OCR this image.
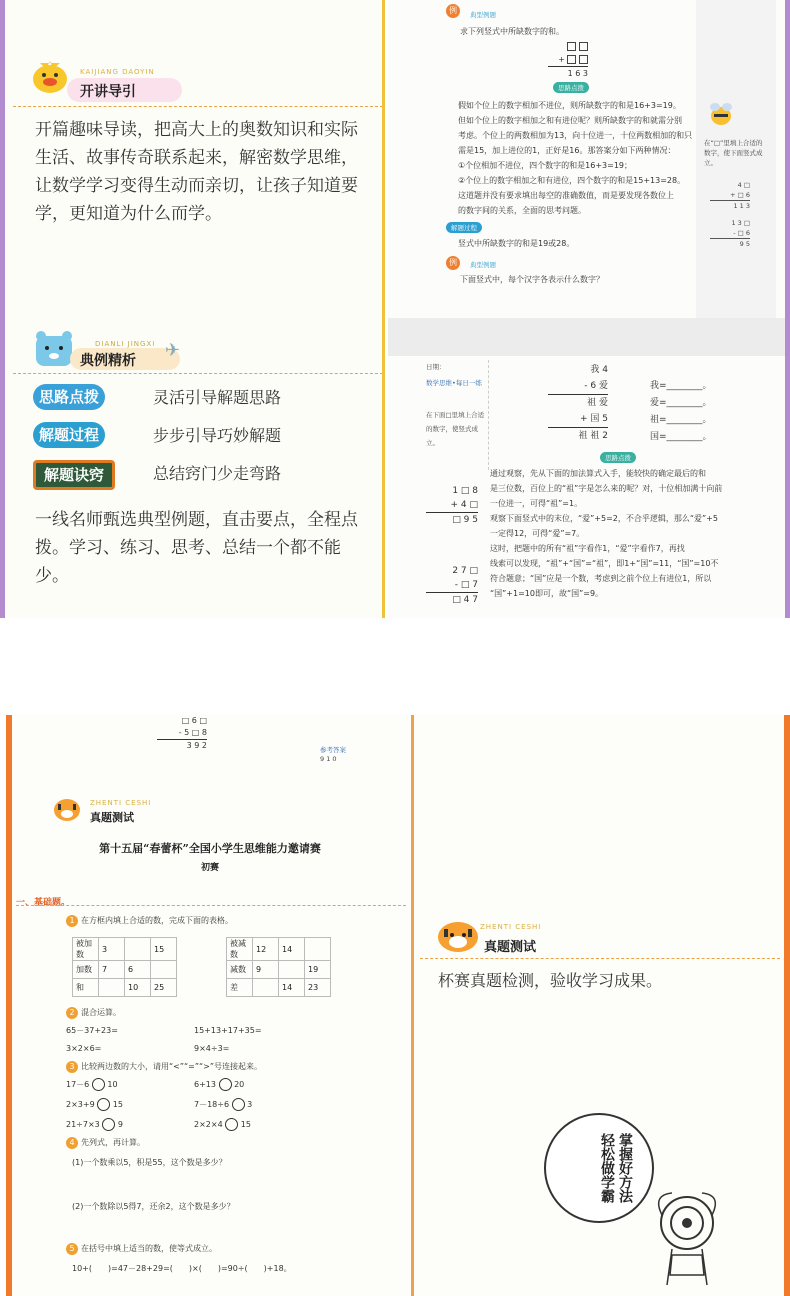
KAIJIANG DAOYIN
开讲导引
开篇趣味导读，把高大上的奥数知识和实际生活、故事传奇联系起来，解密数学思维，让数学学习变得生动而亲切，让孩子知道要学，更知道为什么而学。
DIANLI JINGXI
典例精析 ✈
思路点拨	灵活引导解题思路
解题过程	步步引导巧妙解题
解题诀窍	总结窍门少走弯路
一线名师甄选典型例题，直击要点，全程点拨。学习、练习、思考、总结一个都不能少。
例	典型例题
求下列竖式中所缺数字的和。

+
1 6 3
思路点拨
假如个位上的数字相加不进位，则所缺数字的和是16+3=19。
但如个位上的数字相加之和有进位呢？则所缺数字的和就需分别
考虑。个位上的两数相加为13，向十位进一，十位两数相加的和只
需是15，加上进位的1，正好是16。那答案分如下两种情况：
①个位相加不进位，四个数字的和是16+3=19；
②个位上的数字相加之和有进位，四个数字的和是15+13=28。
这道题并没有要求填出每空的准确数值，而是要发现各数位上
的数字间的关系，全面的思考问题。
解题过程
竖式中所缺数字的和是19或28。
例	典型例题
下面竖式中，每个汉字各表示什么数字？
在“□”里填上合适的数字，使下面竖式成立。
4 □
+ □ 6
1 1 3
1 3 □
- □ 6
9 5
日期：
数学思维•每日一练
在下面□里填上合适的数字，使竖式成立。
1 □ 8
+ 4 □
□ 9 5
2 7 □
- □ 7
□ 4 7
我 4
- 6 爱
祖 爱
+ 国 5
祖 祖 2
我=________。
爱=________。
祖=________。
国=________。
思路点拨
通过观察，先从下面的加法算式入手，能较快的确定最后的和
是三位数，百位上的“祖”字是怎么来的呢？对，十位相加满十向前
一位进一，可得“祖”=1。
观察下面竖式中的末位，“爱”+5=2，不合乎逻辑，那么“爱”+5
一定得12，可得“爱”=7。
这时，把题中的所有“祖”字看作1，“爱”字看作7，再找
线索可以发现，“祖”+“国”=“祖”，即1+“国”=11，“国”=10不
符合题意；“国”应是一个数，考虑到之前个位上有进位1，所以
“国”+1=10即可，故“国”=9。
□ 6 □
- 5 □ 8
3 9 2	参考答案
9 1 0
ZHENTI CESHI
真题测试
第十五届“春蕾杯”全国小学生思维能力邀请赛
初赛
一、基础题。
1 在方框内填上合适的数，完成下面的表格。
被加数	3		15
加数	7	6	
和		10	25
被减数	12	14	
减数	9		19
差		14	23
2 混合运算。
65－37+23=	15+13+17+35=
3×2×6=	9×4÷3=
3 比较两边数的大小，请用“<”“=”“>”号连接起来。
17－6 10	6+13 20
2×3+9 15	7－18÷6 3
21÷7×3 9	2×2×4 15
4 先列式，再计算。
(1)一个数乘以5，积是55，这个数是多少？
(2)一个数除以5得7，还余2，这个数是多少？
5 在括号中填上适当的数，使等式成立。
10+(　　)=47－28+29=(　　)×(　　)=90÷(　　)+18。
ZHENTI CESHI
真题测试
杯赛真题检测，验收学习成果。
掌握好方法 轻松做学霸
